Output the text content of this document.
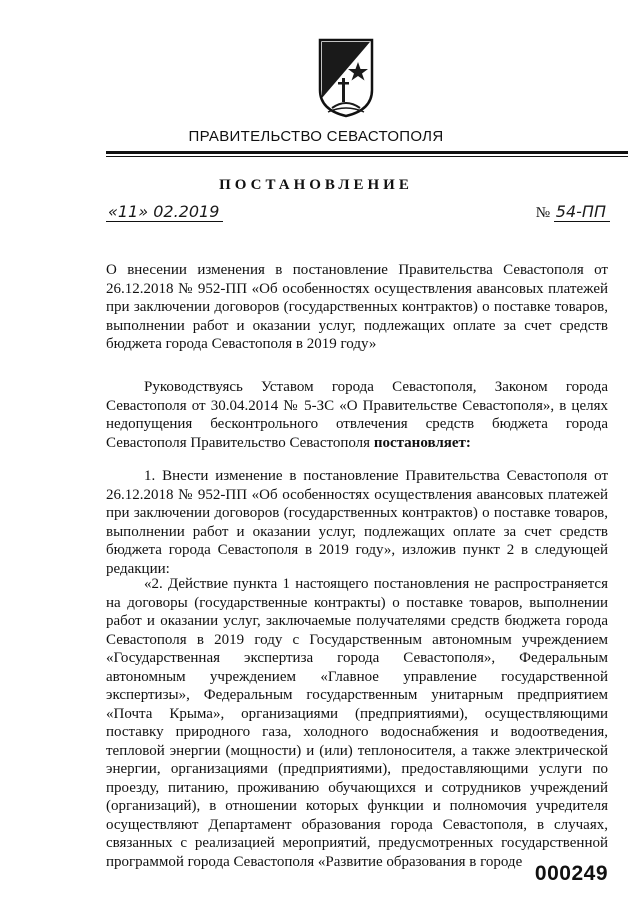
ПРАВИТЕЛЬСТВО СЕВАСТОПОЛЯ
ПОСТАНОВЛЕНИЕ
«11» 02.2019	№ 54-ПП

О внесении изменения в постановление Правительства Севастополя от 26.12.2018 № 952-ПП «Об особенностях осуществления авансовых платежей при заключении договоров (государственных контрактов) о поставке товаров, выполнении работ и оказании услуг, подлежащих оплате за счет средств бюджета города Севастополя в 2019 году»

Руководствуясь Уставом города Севастополя, Законом города Севастополя от 30.04.2014 № 5-ЗС «О Правительстве Севастополя», в целях недопущения бесконтрольного отвлечения средств бюджета города Севастополя Правительство Севастополя постановляет:

1. Внести изменение в постановление Правительства Севастополя от 26.12.2018 № 952-ПП «Об особенностях осуществления авансовых платежей при заключении договоров (государственных контрактов) о поставке товаров, выполнении работ и оказании услуг, подлежащих оплате за счет средств бюджета города Севастополя в 2019 году», изложив пункт 2 в следующей редакции:

«2. Действие пункта 1 настоящего постановления не распространяется на договоры (государственные контракты) о поставке товаров, выполнении работ и оказании услуг, заключаемые получателями средств бюджета города Севастополя в 2019 году с Государственным автономным учреждением «Государственная экспертиза города Севастополя», Федеральным автономным учреждением «Главное управление государственной экспертизы», Федеральным государственным унитарным предприятием «Почта Крыма», организациями (предприятиями), осуществляющими поставку природного газа, холодного водоснабжения и водоотведения, тепловой энергии (мощности) и (или) теплоносителя, а также электрической энергии, организациями (предприятиями), предоставляющими услуги по проезду, питанию, проживанию обучающихся и сотрудников учреждений (организаций), в отношении которых функции и полномочия учредителя осуществляют Департамент образования города Севастополя, в случаях, связанных с реализацией мероприятий, предусмотренных государственной программой города Севастополя «Развитие образования в городе

000249
